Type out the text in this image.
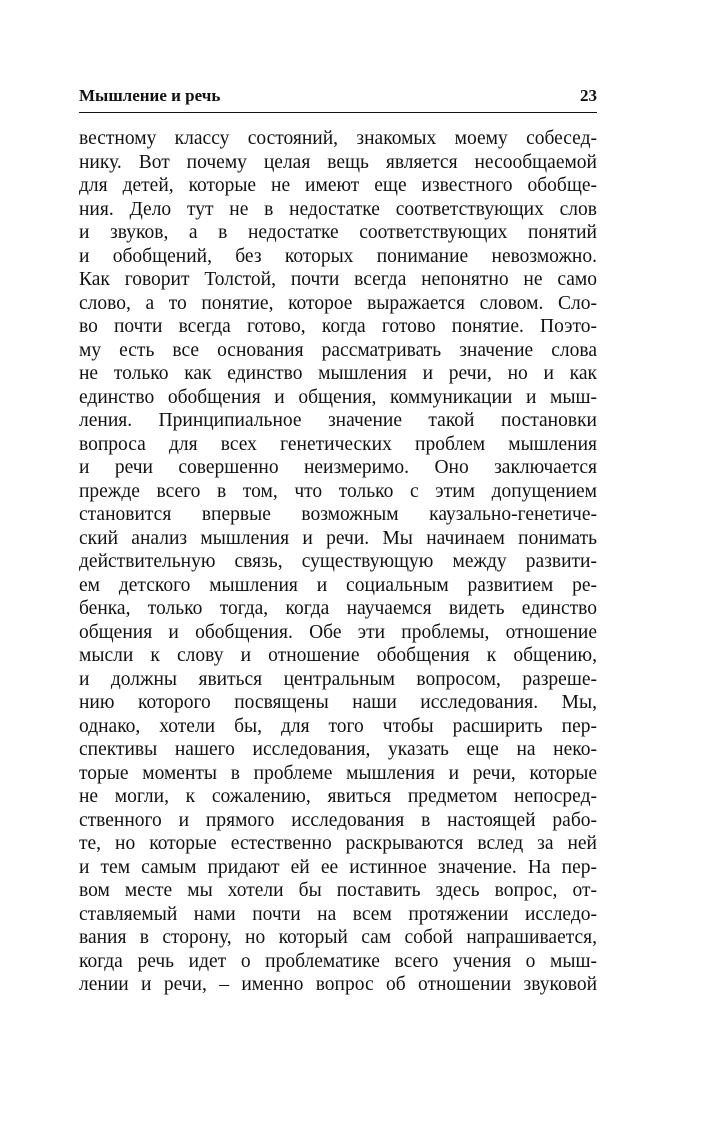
Мышление и речь	23
вестному классу состояний, знакомых моему собесед-
нику. Вот почему целая вещь является несообщаемой
для детей, которые не имеют еще известного обобще-
ния. Дело тут не в недостатке соответствующих слов
и звуков, а в недостатке соответствующих понятий
и обобщений, без которых понимание невозможно.
Как говорит Толстой, почти всегда непонятно не само
слово, а то понятие, которое выражается словом. Сло-
во почти всегда готово, когда готово понятие. Поэто-
му есть все основания рассматривать значение слова
не только как единство мышления и речи, но и как
единство обобщения и общения, коммуникации и мыш-
ления. Принципиальное значение такой постановки
вопроса для всех генетических проблем мышления
и речи совершенно неизмеримо. Оно заключается
прежде всего в том, что только с этим допущением
становится впервые возможным каузально-генетиче-
ский анализ мышления и речи. Мы начинаем понимать
действительную связь, существующую между развити-
ем детского мышления и социальным развитием ре-
бенка, только тогда, когда научаемся видеть единство
общения и обобщения. Обе эти проблемы, отношение
мысли к слову и отношение обобщения к общению,
и должны явиться центральным вопросом, разреше-
нию которого посвящены наши исследования. Мы,
однако, хотели бы, для того чтобы расширить пер-
спективы нашего исследования, указать еще на неко-
торые моменты в проблеме мышления и речи, которые
не могли, к сожалению, явиться предметом непосред-
ственного и прямого исследования в настоящей рабо-
те, но которые естественно раскрываются вслед за ней
и тем самым придают ей ее истинное значение. На пер-
вом месте мы хотели бы поставить здесь вопрос, от-
ставляемый нами почти на всем протяжении исследо-
вания в сторону, но который сам собой напрашивается,
когда речь идет о проблематике всего учения о мыш-
лении и речи, – именно вопрос об отношении звуковой
